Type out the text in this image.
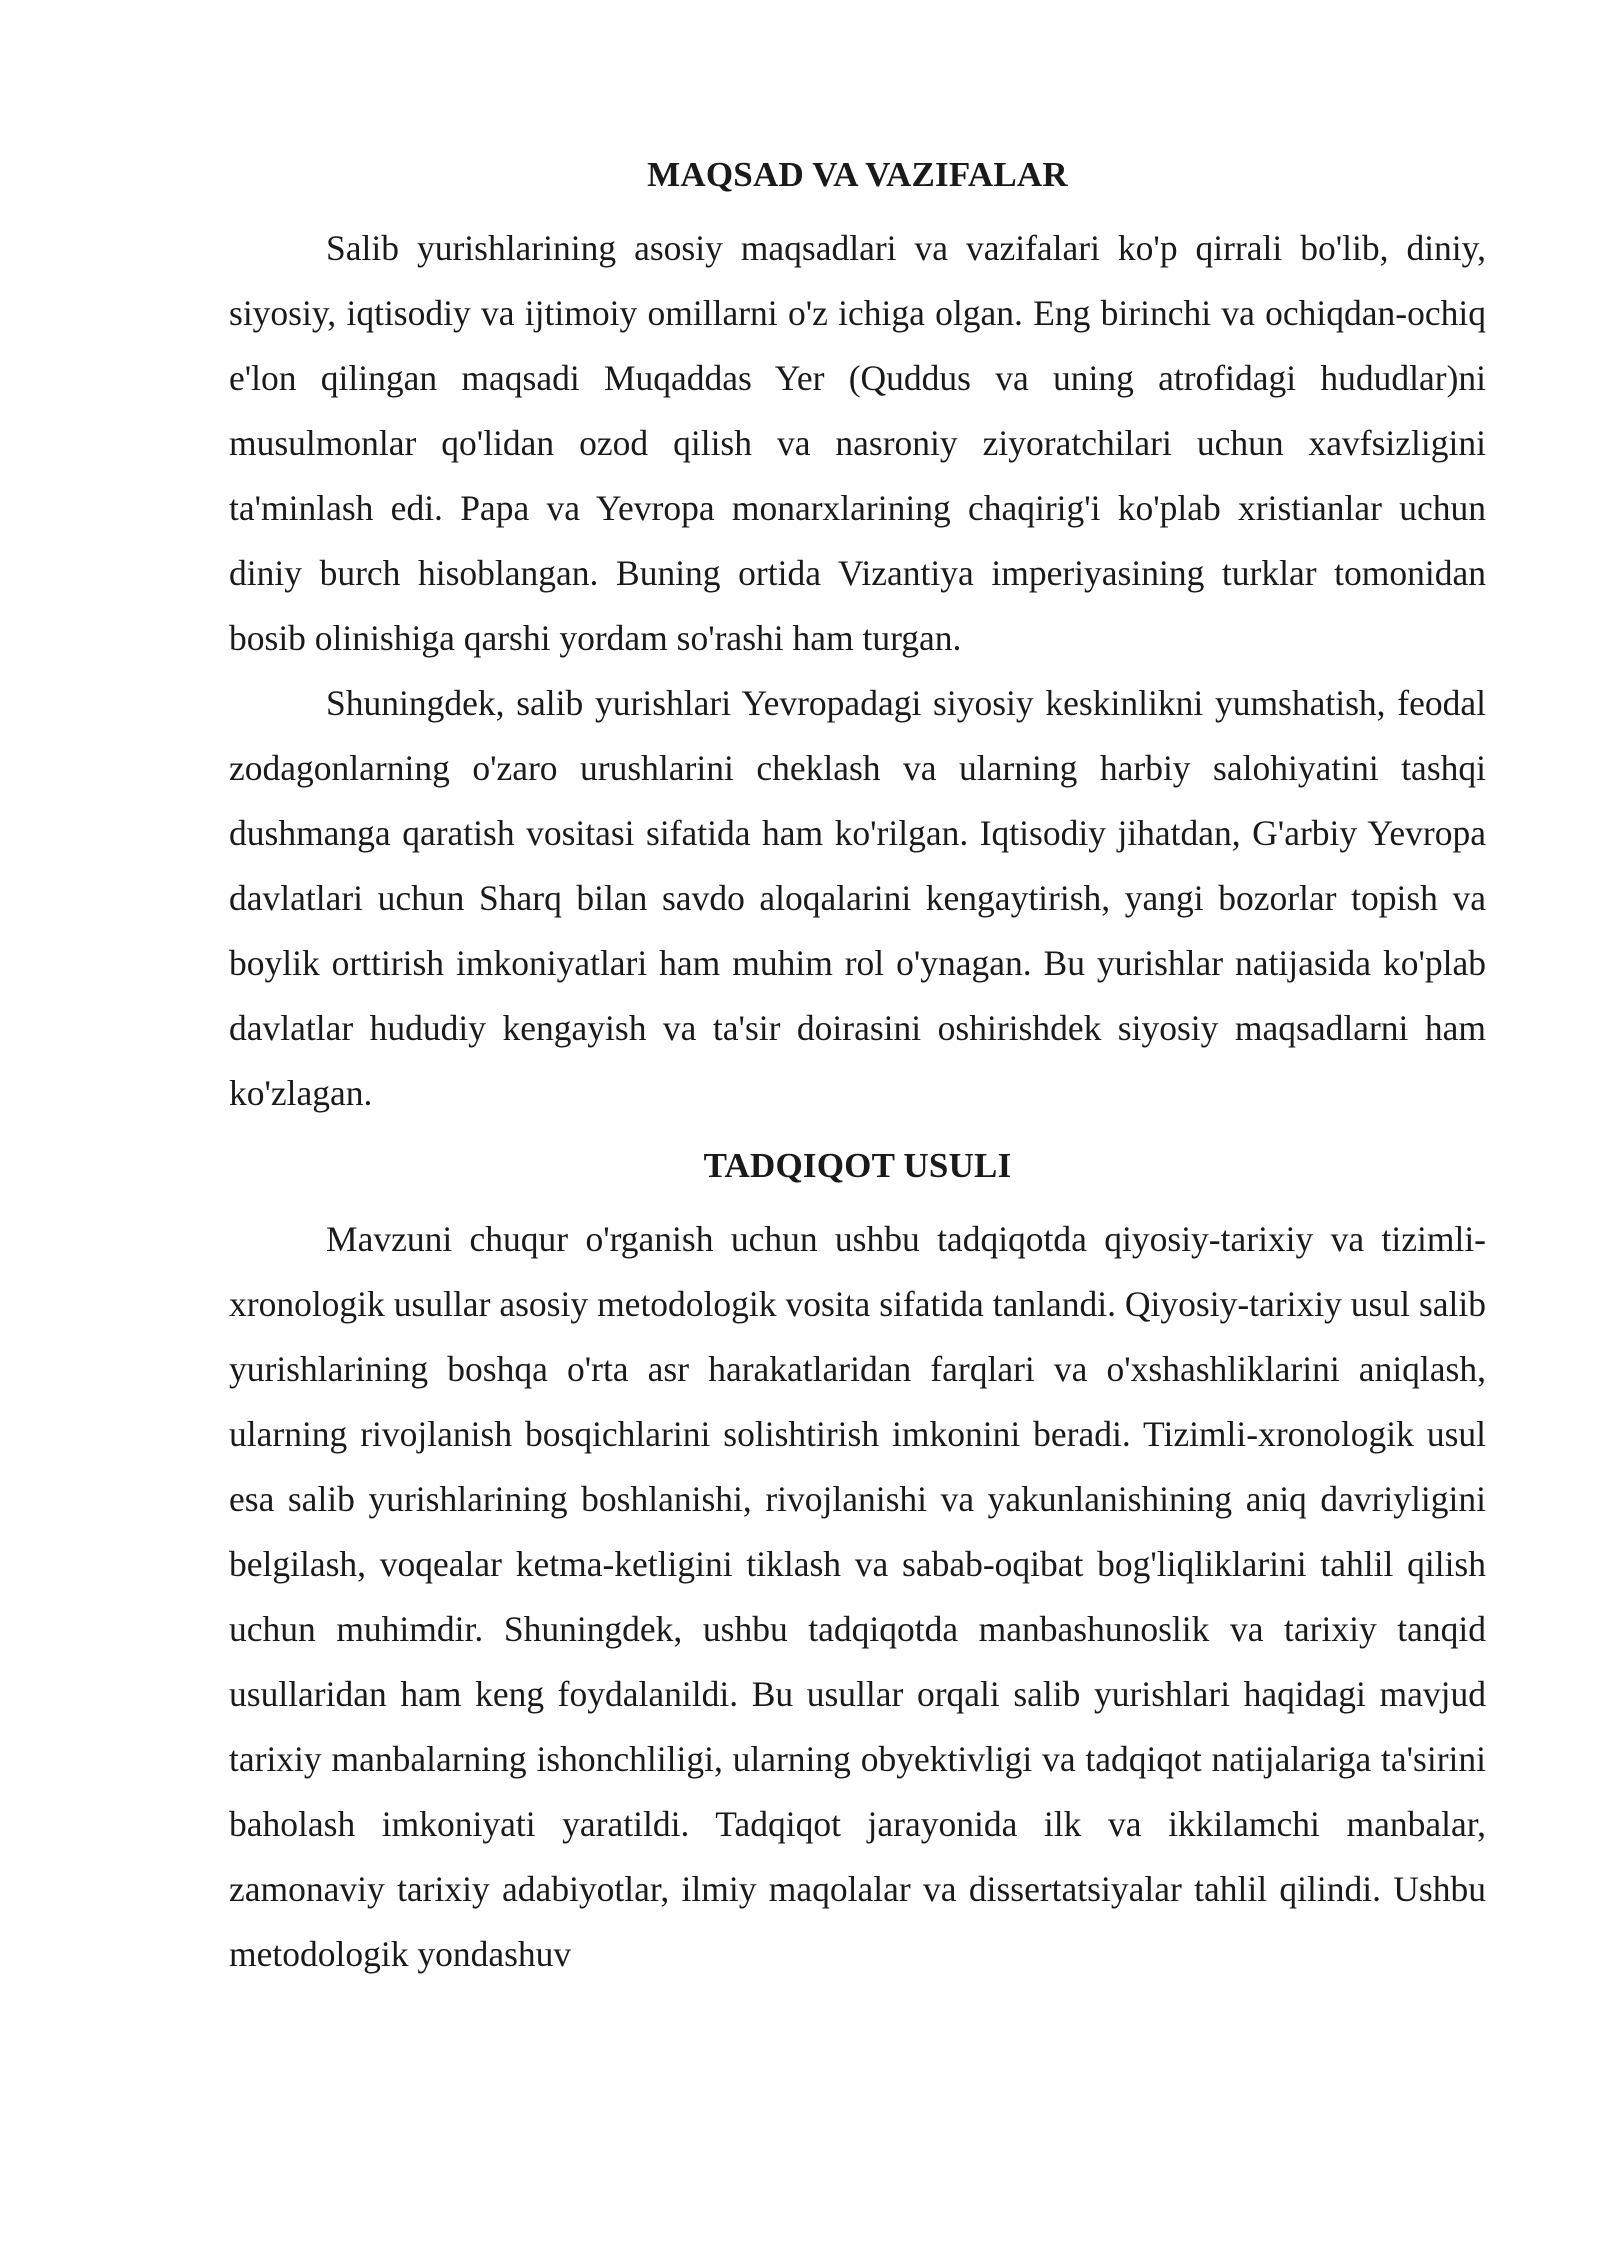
MAQSAD VA VAZIFALAR

Salib yurishlarining asosiy maqsadlari va vazifalari ko'p qirrali bo'lib, diniy, siyosiy, iqtisodiy va ijtimoiy omillarni o'z ichiga olgan. Eng birinchi va ochiqdan-ochiq e'lon qilingan maqsadi Muqaddas Yer (Quddus va uning atrofidagi hududlar)ni musulmonlar qo'lidan ozod qilish va nasroniy ziyoratchilari uchun xavfsizligini ta'minlash edi. Papa va Yevropa monarxlarining chaqirig'i ko'plab xristianlar uchun diniy burch hisoblangan. Buning ortida Vizantiya imperiyasining turklar tomonidan bosib olinishiga qarshi yordam so'rashi ham turgan.

Shuningdek, salib yurishlari Yevropadagi siyosiy keskinlikni yumshatish, feodal zodagonlarning o'zaro urushlarini cheklash va ularning harbiy salohiyatini tashqi dushmanga qaratish vositasi sifatida ham ko'rilgan. Iqtisodiy jihatdan, G'arbiy Yevropa davlatlari uchun Sharq bilan savdo aloqalarini kengaytirish, yangi bozorlar topish va boylik orttirish imkoniyatlari ham muhim rol o'ynagan. Bu yurishlar natijasida ko'plab davlatlar hududiy kengayish va ta'sir doirasini oshirishdek siyosiy maqsadlarni ham ko'zlagan.

TADQIQOT USULI

Mavzuni chuqur o'rganish uchun ushbu tadqiqotda qiyosiy-tarixiy va tizimli-xronologik usullar asosiy metodologik vosita sifatida tanlandi. Qiyosiy-tarixiy usul salib yurishlarining boshqa o'rta asr harakatlaridan farqlari va o'xshashliklarini aniqlash, ularning rivojlanish bosqichlarini solishtirish imkonini beradi. Tizimli-xronologik usul esa salib yurishlarining boshlanishi, rivojlanishi va yakunlanishining aniq davriyligini belgilash, voqealar ketma-ketligini tiklash va sabab-oqibat bog'liqliklarini tahlil qilish uchun muhimdir. Shuningdek, ushbu tadqiqotda manbashunoslik va tarixiy tanqid usullaridan ham keng foydalanildi. Bu usullar orqali salib yurishlari haqidagi mavjud tarixiy manbalarning ishonchliligi, ularning obyektivligi va tadqiqot natijalariga ta'sirini baholash imkoniyati yaratildi. Tadqiqot jarayonida ilk va ikkilamchi manbalar, zamonaviy tarixiy adabiyotlar, ilmiy maqolalar va dissertatsiyalar tahlil qilindi. Ushbu metodologik yondashuv
